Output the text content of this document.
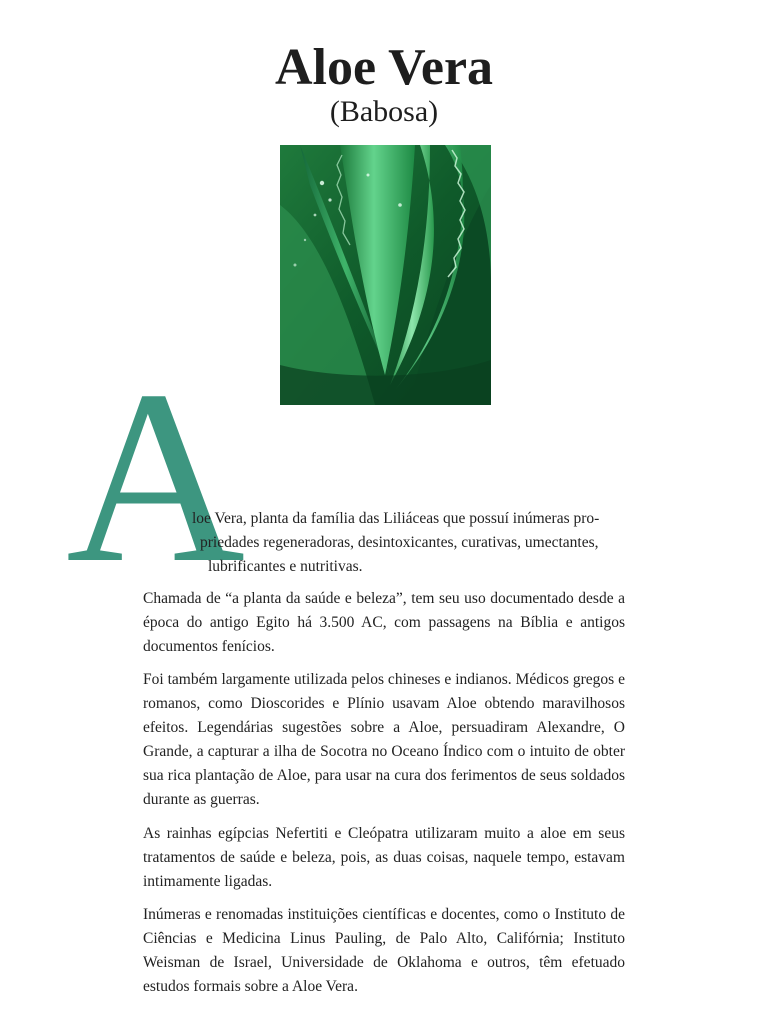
Aloe Vera
(Babosa)
A

loe Vera, planta da família das Liliáceas que possuí inúmeras pro-
priedades regeneradoras, desintoxicantes, curativas, umectantes,
lubrificantes e nutritivas.

Chamada de “a planta da saúde e beleza”, tem seu uso documentado desde a época do antigo Egito há 3.500 AC, com passagens na Bíblia e antigos documentos fenícios.

Foi também largamente utilizada pelos chineses e indianos. Médicos gregos e romanos, como Dioscorides e Plínio usavam Aloe obtendo maravilhosos efeitos. Legendárias sugestões sobre a Aloe, persuadiram Alexandre, O Grande, a capturar a ilha de Socotra no Oceano Índico com o intuito de obter sua rica plantação de Aloe, para usar na cura dos ferimentos de seus soldados durante as guerras.

As rainhas egípcias Nefertiti e Cleópatra utilizaram muito a aloe em seus tratamentos de saúde e beleza, pois, as duas coisas, naquele tempo, estavam intimamente ligadas.

Inúmeras e renomadas instituições científicas e docentes, como o Instituto de Ciências e Medicina Linus Pauling, de Palo Alto, Califórnia; Instituto Weisman de Israel, Universidade de Oklahoma e outros, têm efetuado estudos formais sobre a Aloe Vera.
